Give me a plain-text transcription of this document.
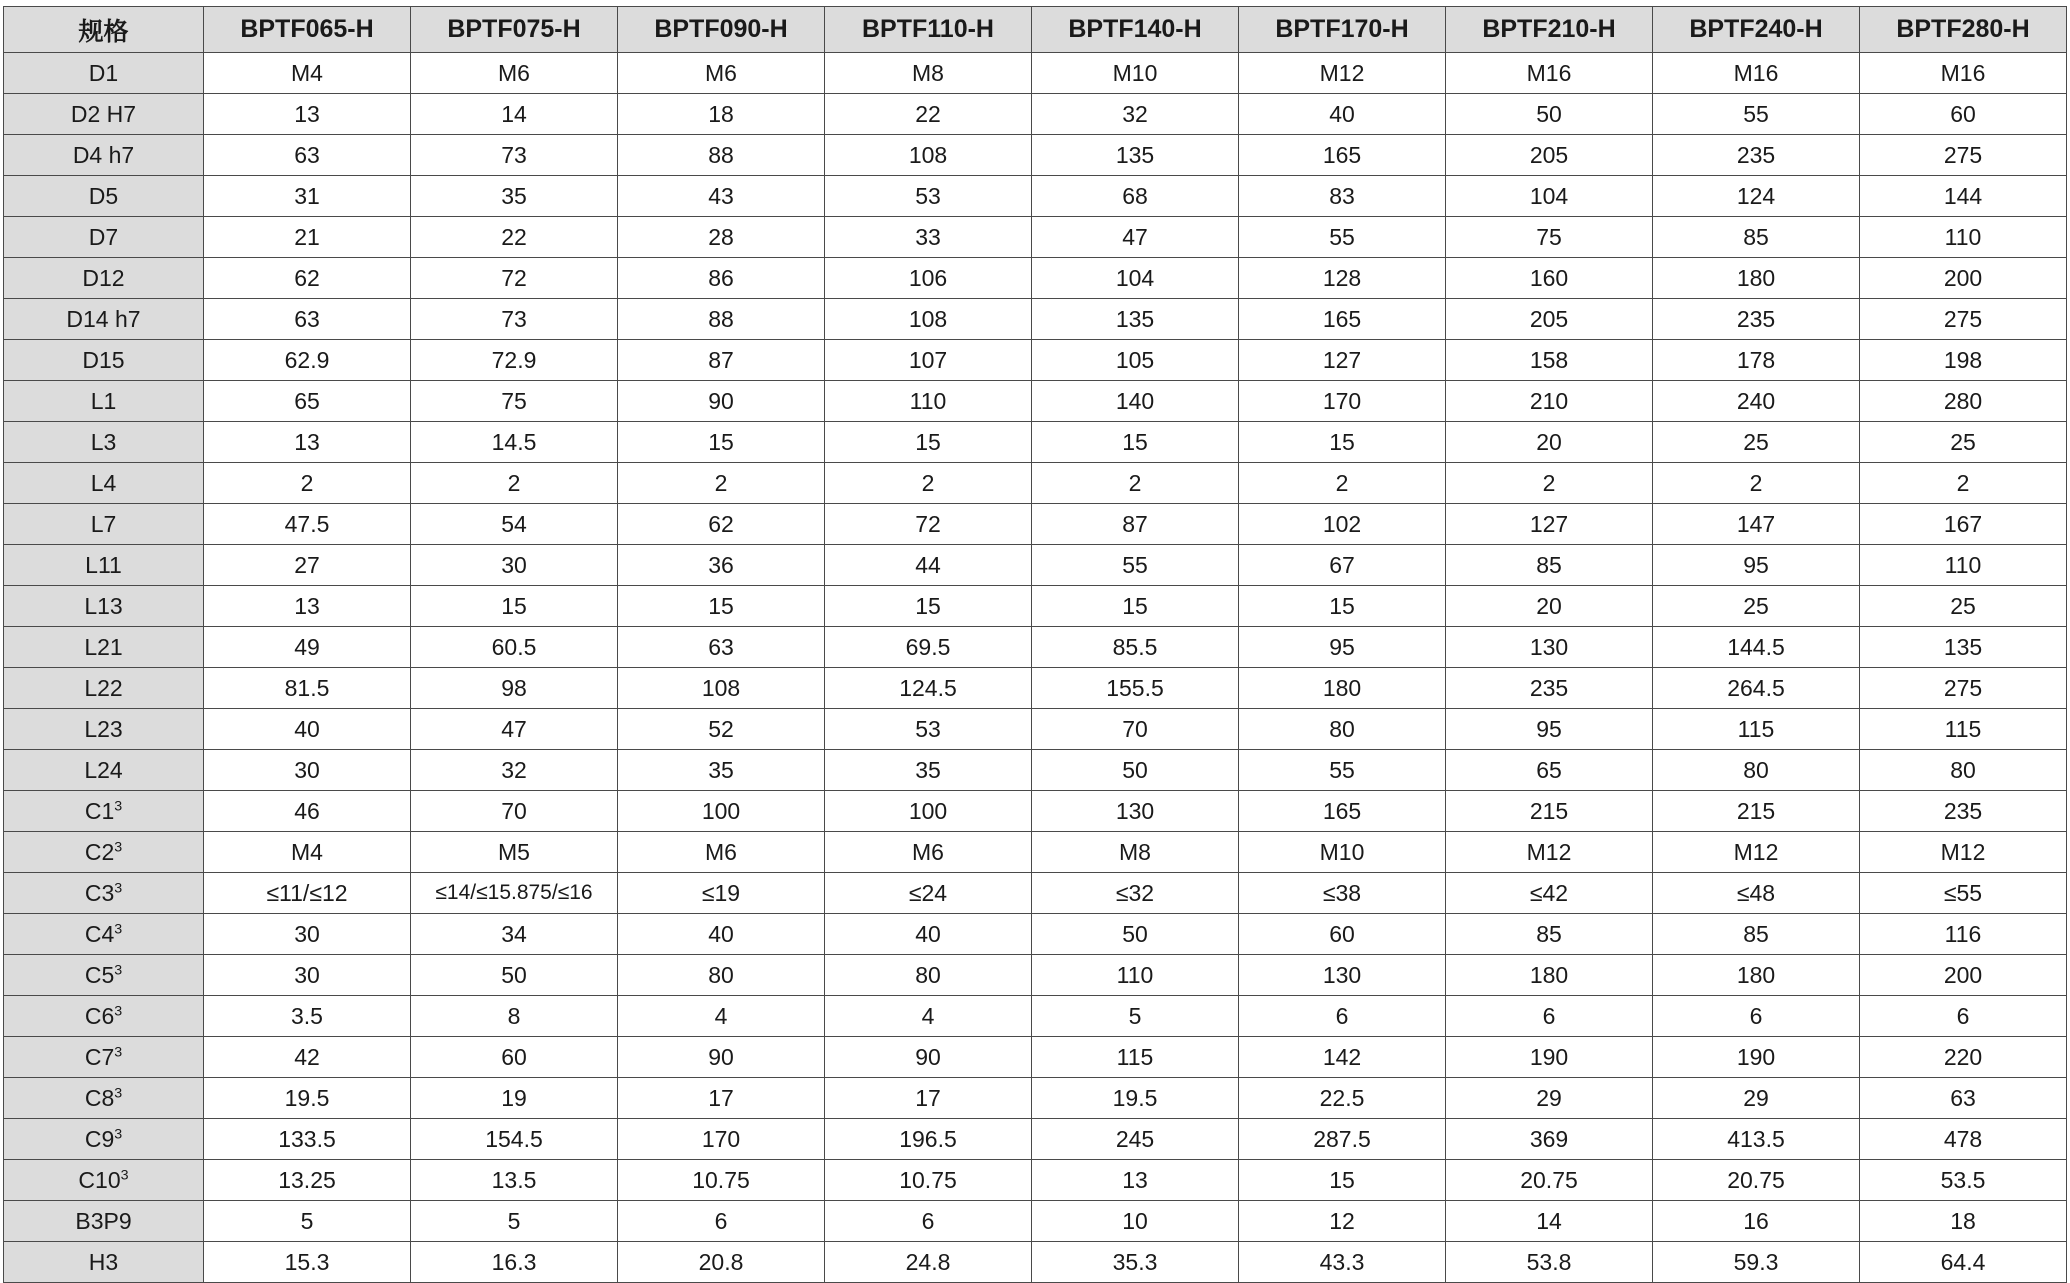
规格	BPTF065-H	BPTF075-H	BPTF090-H	BPTF110-H	BPTF140-H	BPTF170-H	BPTF210-H	BPTF240-H	BPTF280-H
D1	M4	M6	M6	M8	M10	M12	M16	M16	M16
D2 H7	13	14	18	22	32	40	50	55	60
D4 h7	63	73	88	108	135	165	205	235	275
D5	31	35	43	53	68	83	104	124	144
D7	21	22	28	33	47	55	75	85	110
D12	62	72	86	106	104	128	160	180	200
D14 h7	63	73	88	108	135	165	205	235	275
D15	62.9	72.9	87	107	105	127	158	178	198
L1	65	75	90	110	140	170	210	240	280
L3	13	14.5	15	15	15	15	20	25	25
L4	2	2	2	2	2	2	2	2	2
L7	47.5	54	62	72	87	102	127	147	167
L11	27	30	36	44	55	67	85	95	110
L13	13	15	15	15	15	15	20	25	25
L21	49	60.5	63	69.5	85.5	95	130	144.5	135
L22	81.5	98	108	124.5	155.5	180	235	264.5	275
L23	40	47	52	53	70	80	95	115	115
L24	30	32	35	35	50	55	65	80	80
$C1^3$	46	70	100	100	130	165	215	215	235
$C2^3$	M4	M5	M6	M6	M8	M10	M12	M12	M12
$C3^3$	≤11/≤12	≤14/≤15.875/≤16	≤19	≤24	≤32	≤38	≤42	≤48	≤55
$C4^3$	30	34	40	40	50	60	85	85	116
$C5^3$	30	50	80	80	110	130	180	180	200
$C6^3$	3.5	8	4	4	5	6	6	6	6
$C7^3$	42	60	90	90	115	142	190	190	220
$C8^3$	19.5	19	17	17	19.5	22.5	29	29	63
$C9^3$	133.5	154.5	170	196.5	245	287.5	369	413.5	478
$C10^3$	13.25	13.5	10.75	10.75	13	15	20.75	20.75	53.5
B3P9	5	5	6	6	10	12	14	16	18
H3	15.3	16.3	20.8	24.8	35.3	43.3	53.8	59.3	64.4
